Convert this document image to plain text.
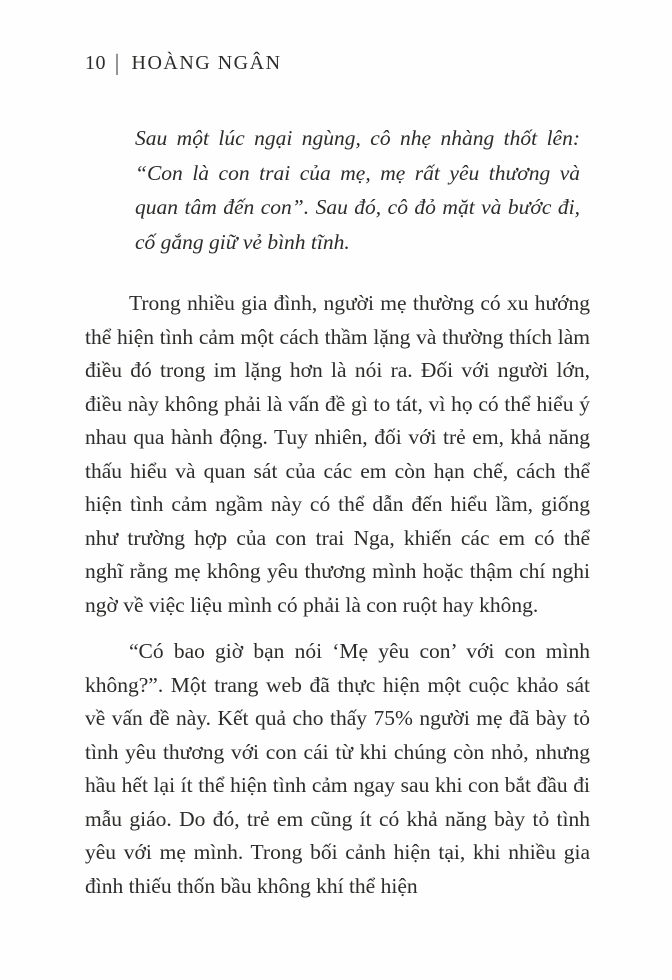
10 | HOÀNG NGÂN
Sau một lúc ngại ngùng, cô nhẹ nhàng thốt lên: “Con là con trai của mẹ, mẹ rất yêu thương và quan tâm đến con”. Sau đó, cô đỏ mặt và bước đi, cố gắng giữ vẻ bình tĩnh.

Trong nhiều gia đình, người mẹ thường có xu hướng thể hiện tình cảm một cách thầm lặng và thường thích làm điều đó trong im lặng hơn là nói ra. Đối với người lớn, điều này không phải là vấn đề gì to tát, vì họ có thể hiểu ý nhau qua hành động. Tuy nhiên, đối với trẻ em, khả năng thấu hiểu và quan sát của các em còn hạn chế, cách thể hiện tình cảm ngầm này có thể dẫn đến hiểu lầm, giống như trường hợp của con trai Nga, khiến các em có thể nghĩ rằng mẹ không yêu thương mình hoặc thậm chí nghi ngờ về việc liệu mình có phải là con ruột hay không.

“Có bao giờ bạn nói ‘Mẹ yêu con’ với con mình không?”. Một trang web đã thực hiện một cuộc khảo sát về vấn đề này. Kết quả cho thấy 75% người mẹ đã bày tỏ tình yêu thương với con cái từ khi chúng còn nhỏ, nhưng hầu hết lại ít thể hiện tình cảm ngay sau khi con bắt đầu đi mẫu giáo. Do đó, trẻ em cũng ít có khả năng bày tỏ tình yêu với mẹ mình. Trong bối cảnh hiện tại, khi nhiều gia đình thiếu thốn bầu không khí thể hiện
